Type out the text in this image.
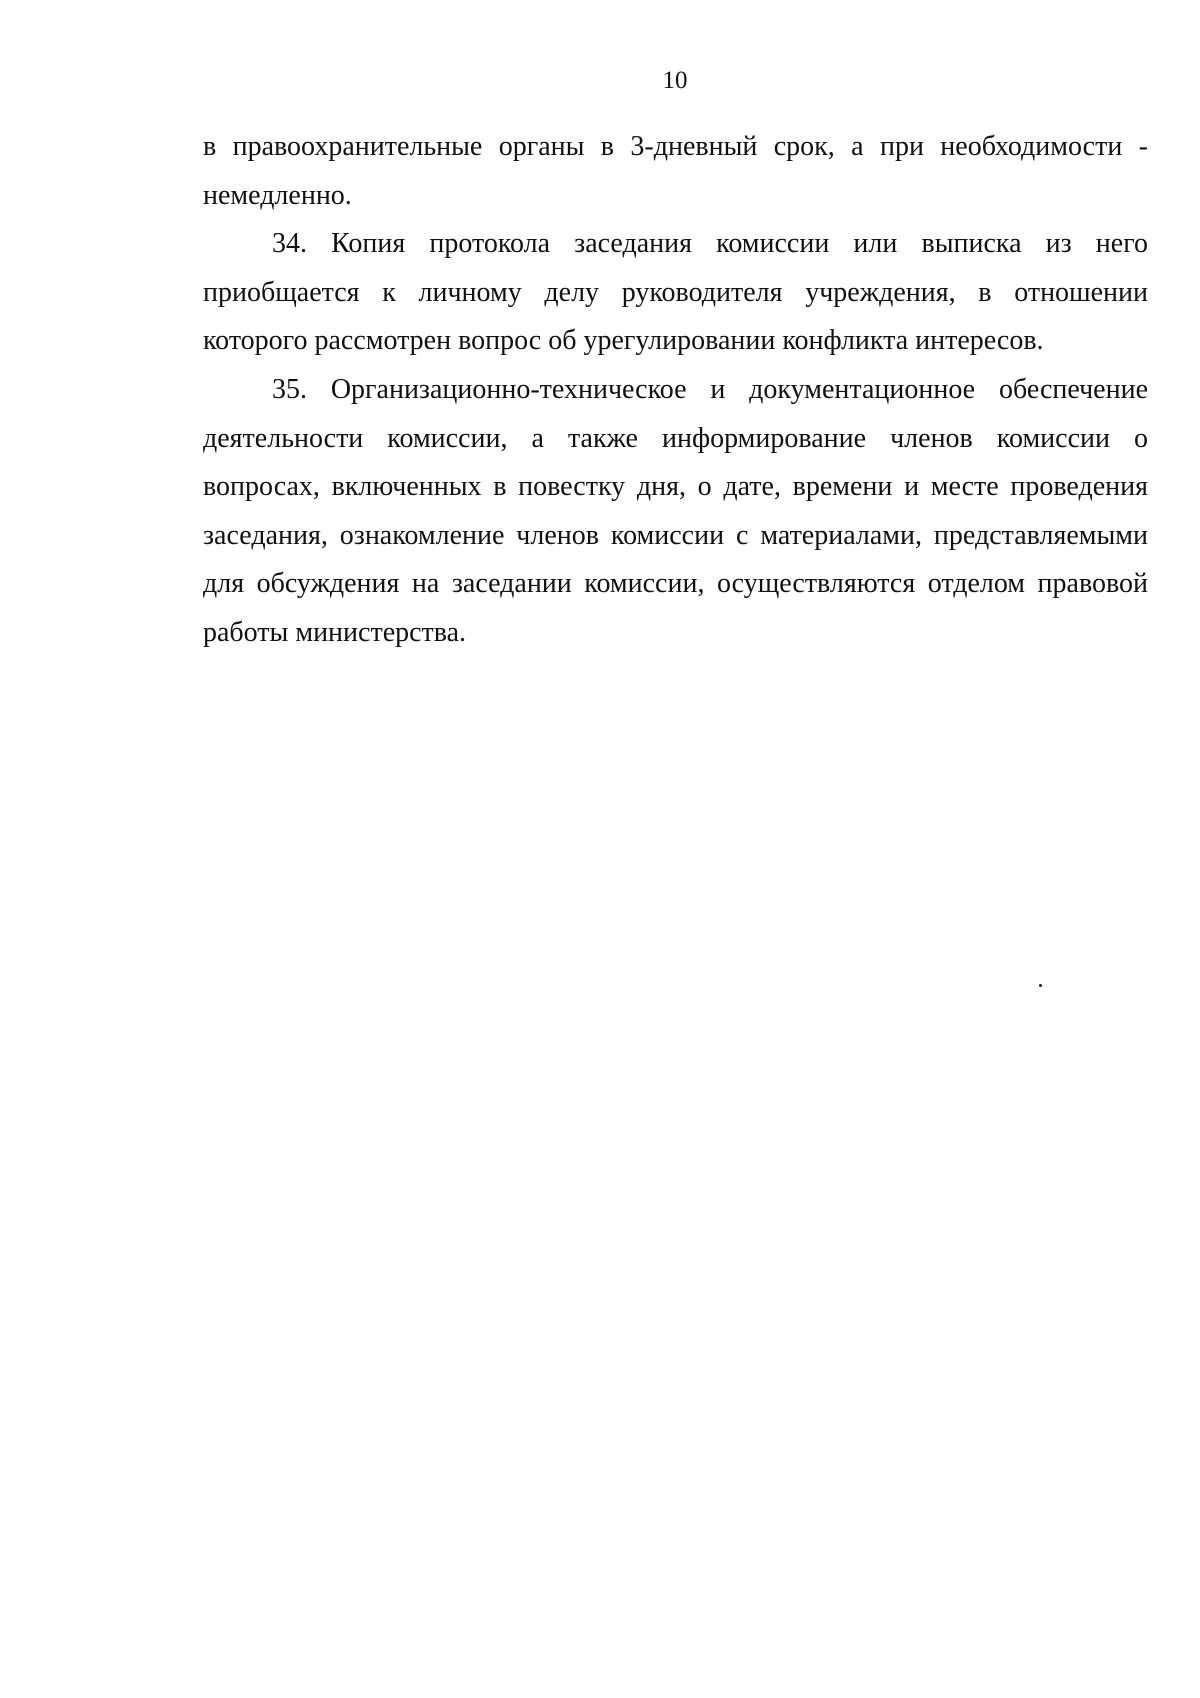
10

в правоохранительные органы в 3-дневный срок, а при необходимости - немедленно.

34. Копия протокола заседания комиссии или выписка из него приобщается к личному делу руководителя учреждения, в отношении которого рассмотрен вопрос об урегулировании конфликта интересов.

35. Организационно-техническое и документационное обеспечение деятельности комиссии, а также информирование членов комиссии о вопросах, включенных в повестку дня, о дате, времени и месте проведения заседания, ознакомление членов комиссии с материалами, представляемыми для обсуждения на заседании комиссии, осуществляются отделом правовой работы министерства.
